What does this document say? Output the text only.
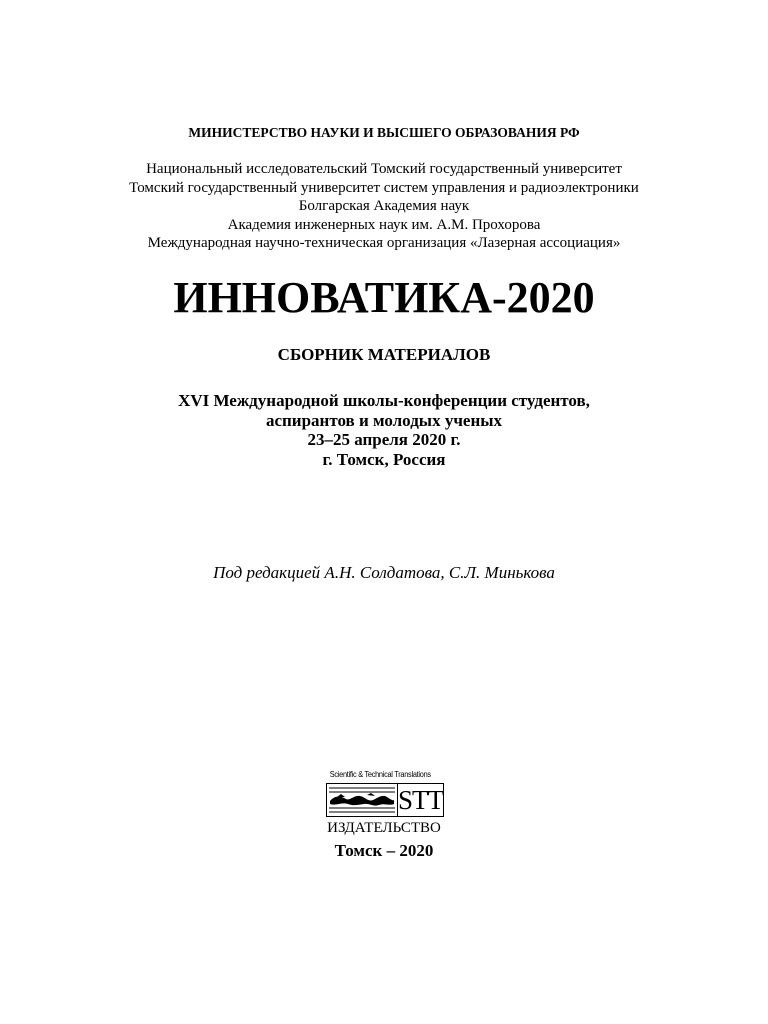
МИНИСТЕРСТВО НАУКИ И ВЫСШЕГО ОБРАЗОВАНИЯ РФ
Национальный исследовательский Томский государственный университет
Томский государственный университет систем управления и радиоэлектроники
Болгарская Академия наук
Академия инженерных наук им. А.М. Прохорова
Международная научно-техническая организация «Лазерная ассоциация»
ИННОВАТИКА-2020
СБОРНИК МАТЕРИАЛОВ
XVI Международной школы-конференции студентов,
аспирантов и молодых ученых
23–25 апреля 2020 г.
г. Томск, Россия
Под редакцией А.Н. Солдатова, С.Л. Минькова
Scientific & Technical Translations
STT
ИЗДАТЕЛЬСТВО
Томск – 2020
